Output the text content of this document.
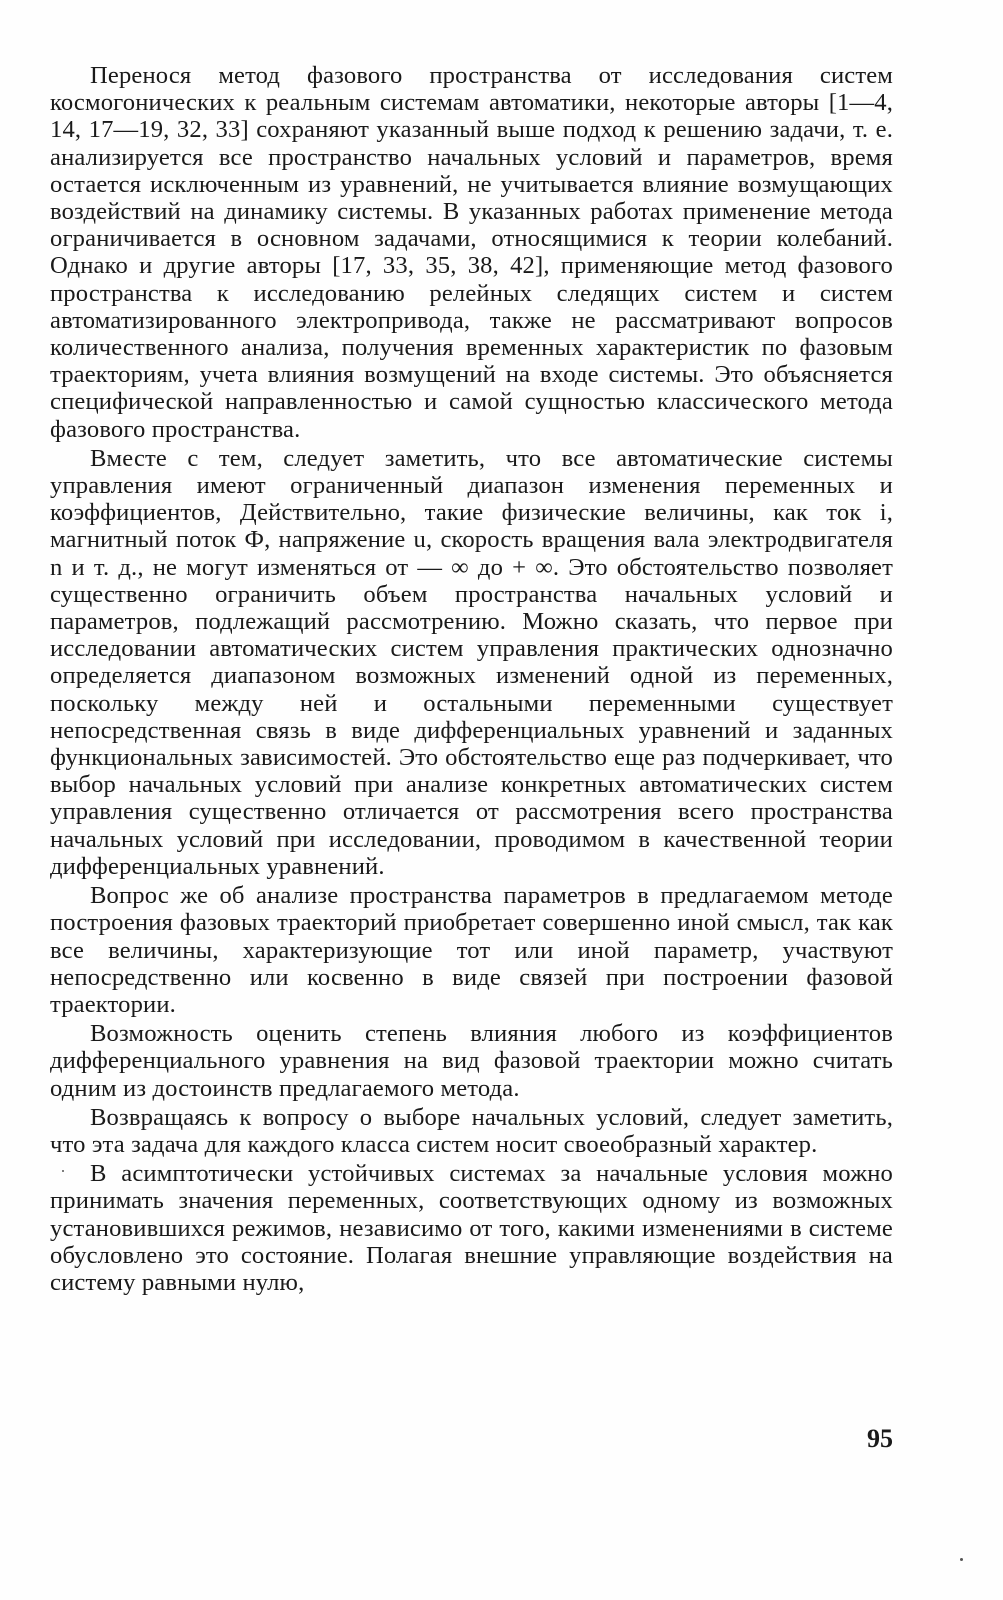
Перенося метод фазового пространства от исследования систем космогонических к реальным системам автоматики, некоторые авторы [1—4, 14, 17—19, 32, 33] сохраняют указанный выше подход к решению задачи, т. е. анализируется все пространство начальных условий и параметров, время остается исключенным из уравнений, не учитывается влияние возмущающих воздействий на динамику системы. В указанных работах применение метода ограничивается в основном задачами, относящимися к теории колебаний. Однако и другие авторы [17, 33, 35, 38, 42], применяющие метод фазового пространства к исследованию релейных следящих систем и систем автоматизированного электропривода, также не рассматривают вопросов количественного анализа, получения временных характеристик по фазовым траекториям, учета влияния возмущений на входе системы. Это объясняется специфической направленностью и самой сущностью классического метода фазового пространства.

Вместе с тем, следует заметить, что все автоматические системы управления имеют ограниченный диапазон изменения переменных и коэффициентов, Действительно, такие физические величины, как ток i, магнитный поток Ф, напряжение u, скорость вращения вала электродвигателя n и т. д., не могут изменяться от — ∞ до + ∞. Это обстоятельство позволяет существенно ограничить объем пространства начальных условий и параметров, подлежащий рассмотрению. Можно сказать, что первое при исследовании автоматических систем управления практических однозначно определяется диапазоном возможных изменений одной из переменных, поскольку между ней и остальными переменными существует непосредственная связь в виде дифференциальных уравнений и заданных функциональных зависимостей. Это обстоятельство еще раз подчеркивает, что выбор начальных условий при анализе конкретных автоматических систем управления существенно отличается от рассмотрения всего пространства начальных условий при исследовании, проводимом в качественной теории дифференциальных уравнений.

Вопрос же об анализе пространства параметров в предлагаемом методе построения фазовых траекторий приобретает совершенно иной смысл, так как все величины, характеризующие тот или иной параметр, участвуют непосредственно или косвенно в виде связей при построении фазовой траектории.

Возможность оценить степень влияния любого из коэффициентов дифференциального уравнения на вид фазовой траектории можно считать одним из достоинств предлагаемого метода.

Возвращаясь к вопросу о выборе начальных условий, следует заметить, что эта задача для каждого класса систем носит своеобразный характер.

В асимптотически устойчивых системах за начальные условия можно принимать значения переменных, соответствующих одному из возможных установившихся режимов, независимо от того, какими изменениями в системе обусловлено это состояние. Полагая внешние управляющие воздействия на систему равными нулю,

95
